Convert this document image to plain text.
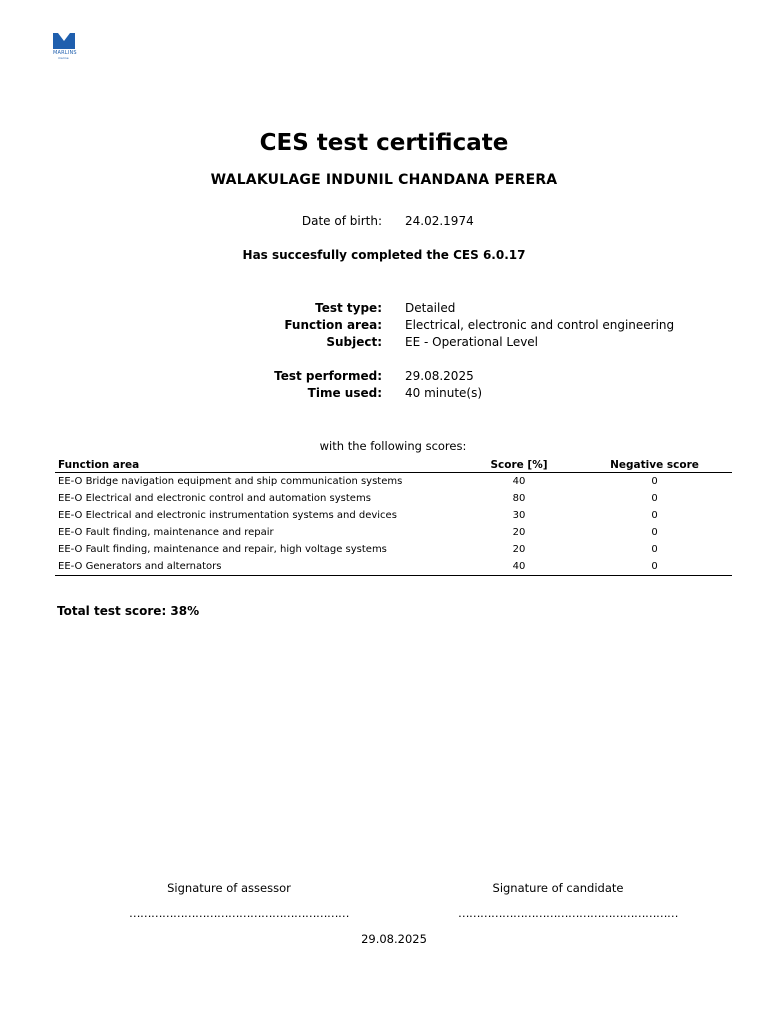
MARLINS
marine
CES test certificate
WALAKULAGE INDUNIL CHANDANA PERERA
Date of birth: 24.02.1974
Has succesfully completed the CES 6.0.17
Test type: Detailed
Function area: Electrical, electronic and control engineering
Subject: EE - Operational Level
Test performed: 29.08.2025
Time used: 40 minute(s)
with the following scores:
Function area	Score [%]	Negative score
EE-O Bridge navigation equipment and ship communication systems	40	0
EE-O Electrical and electronic control and automation systems	80	0
EE-O Electrical and electronic instrumentation systems and devices	30	0
EE-O Fault finding, maintenance and repair	20	0
EE-O Fault finding, maintenance and repair, high voltage systems	20	0
EE-O Generators and alternators	40	0
Total test score: 38%
Signature of assessor	Signature of candidate
……………………………………………………	……………………………………………………
29.08.2025
